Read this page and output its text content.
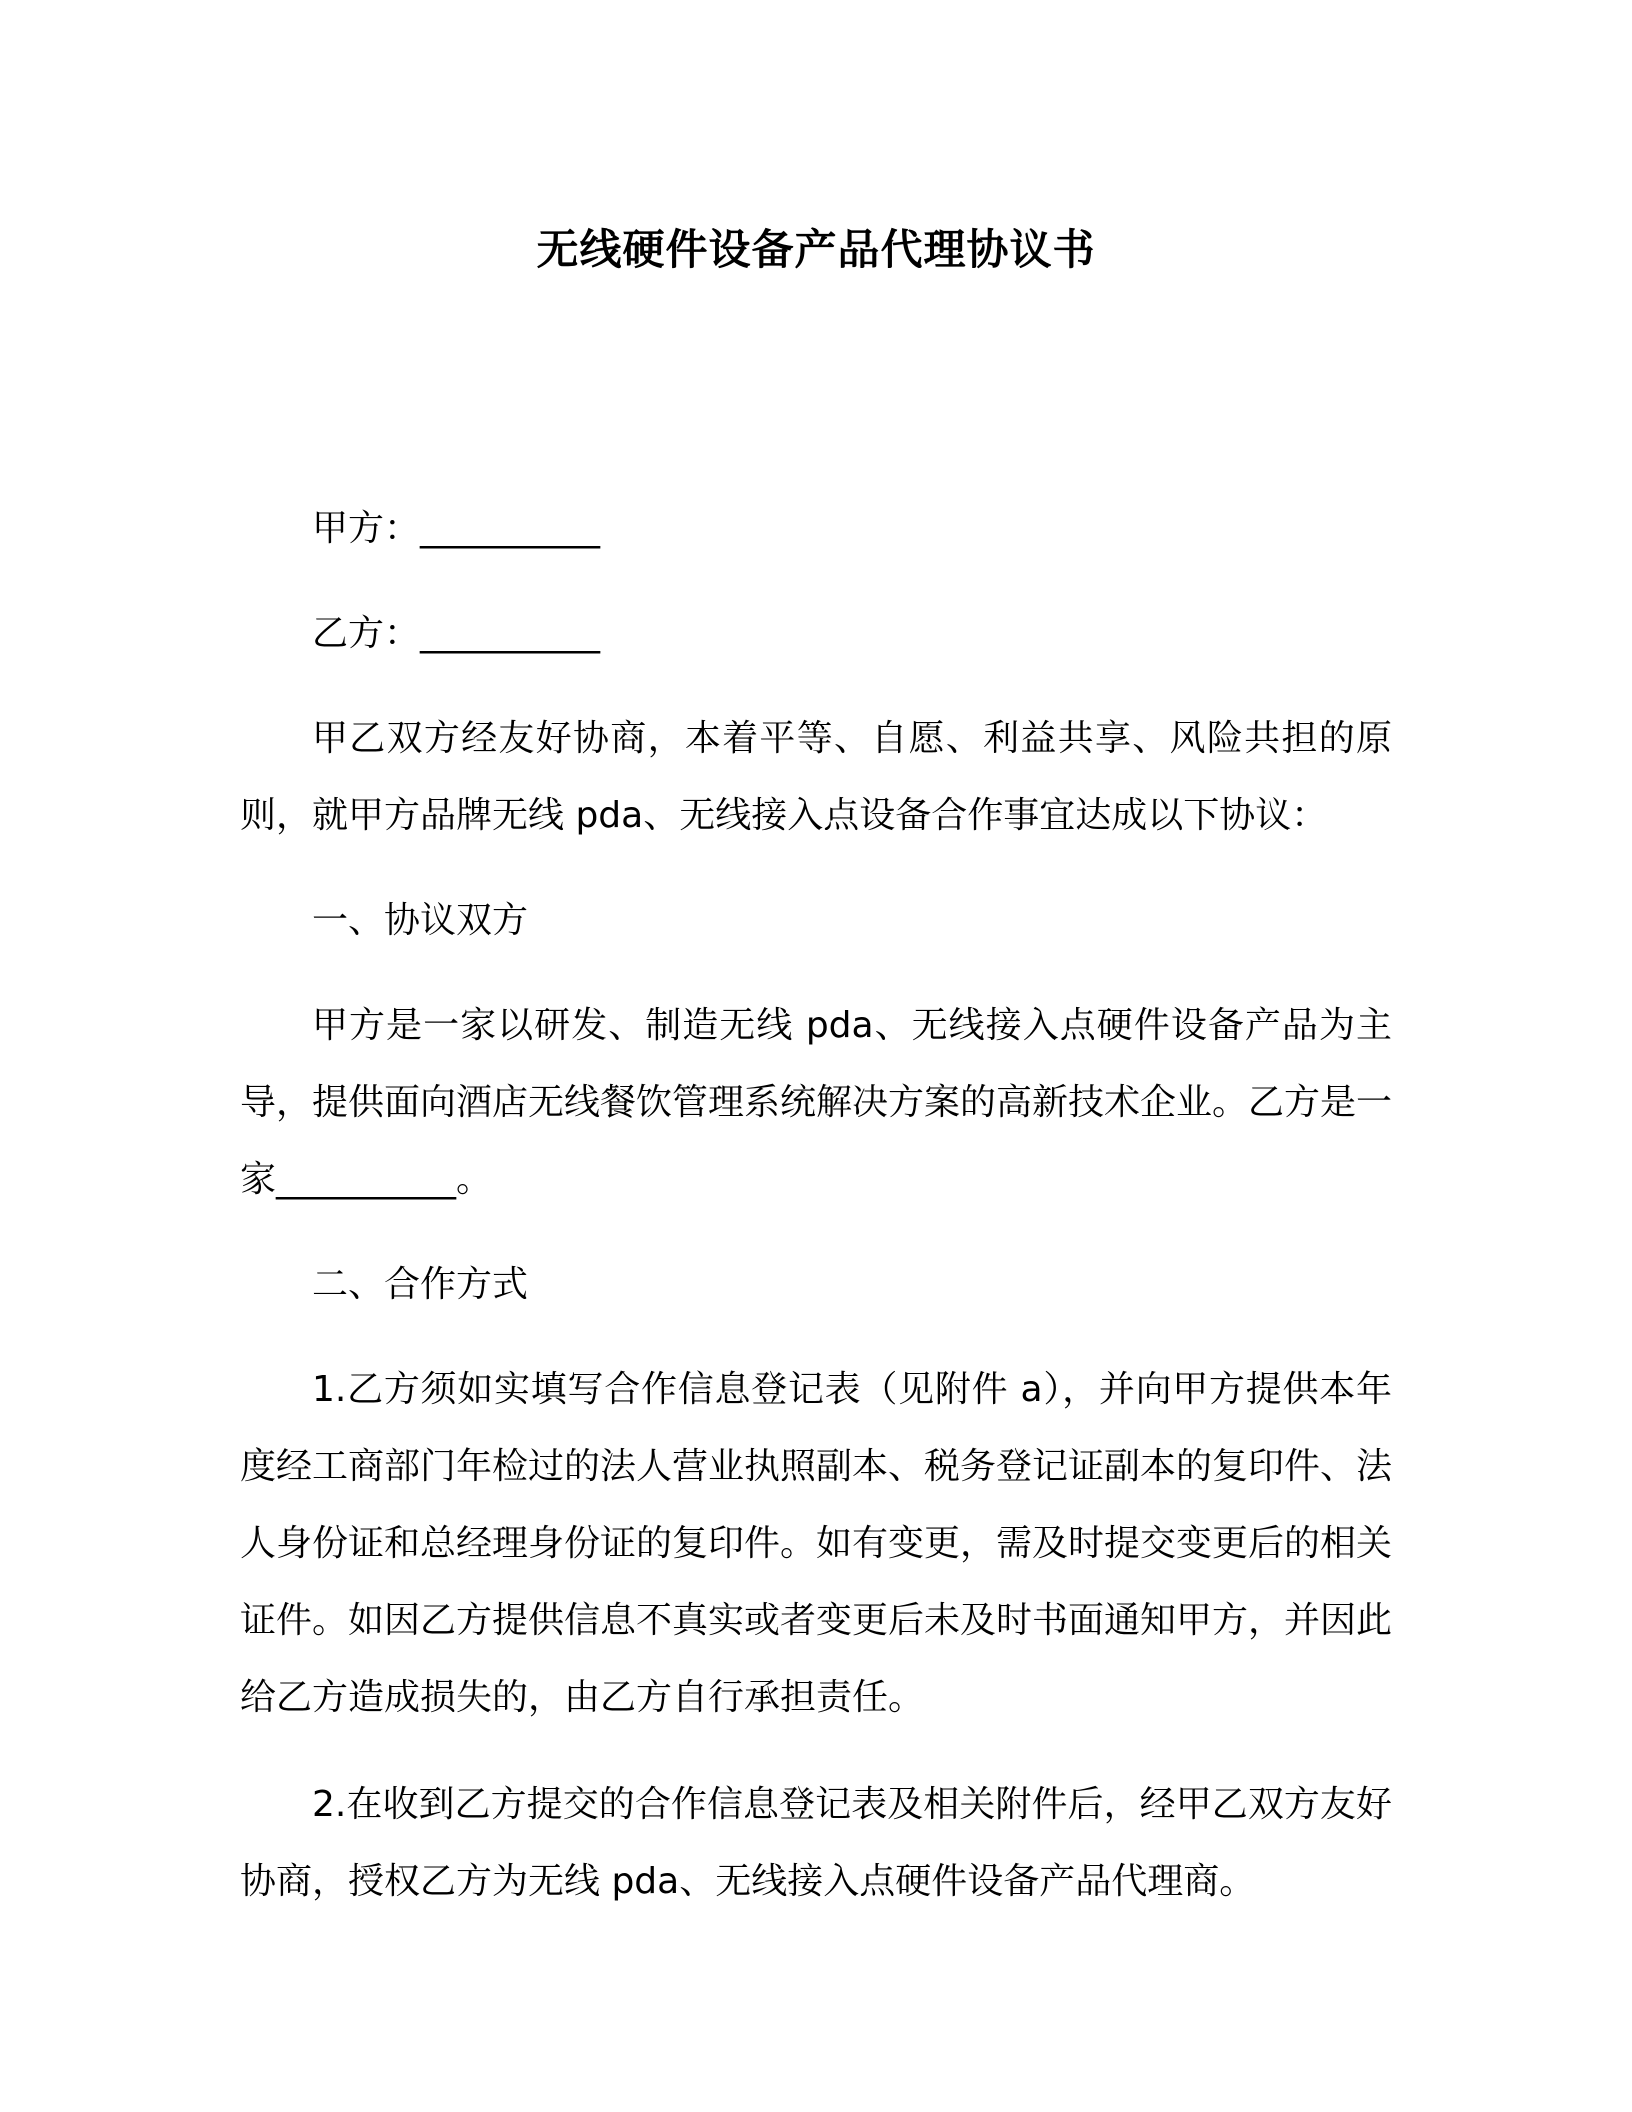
无线硬件设备产品代理协议书

甲方：__________

乙方：__________

甲乙双方经友好协商，本着平等、自愿、利益共享、风险共担的原则，就甲方品牌无线 pda、无线接入点设备合作事宜达成以下协议：

一、协议双方

甲方是一家以研发、制造无线 pda、无线接入点硬件设备产品为主导，提供面向酒店无线餐饮管理系统解决方案的高新技术企业。乙方是一家__________。

二、合作方式

1.乙方须如实填写合作信息登记表（见附件 a），并向甲方提供本年度经工商部门年检过的法人营业执照副本、税务登记证副本的复印件、法人身份证和总经理身份证的复印件。如有变更，需及时提交变更后的相关证件。如因乙方提供信息不真实或者变更后未及时书面通知甲方，并因此给乙方造成损失的，由乙方自行承担责任。

2.在收到乙方提交的合作信息登记表及相关附件后，经甲乙双方友好协商，授权乙方为无线 pda、无线接入点硬件设备产品代理商。
